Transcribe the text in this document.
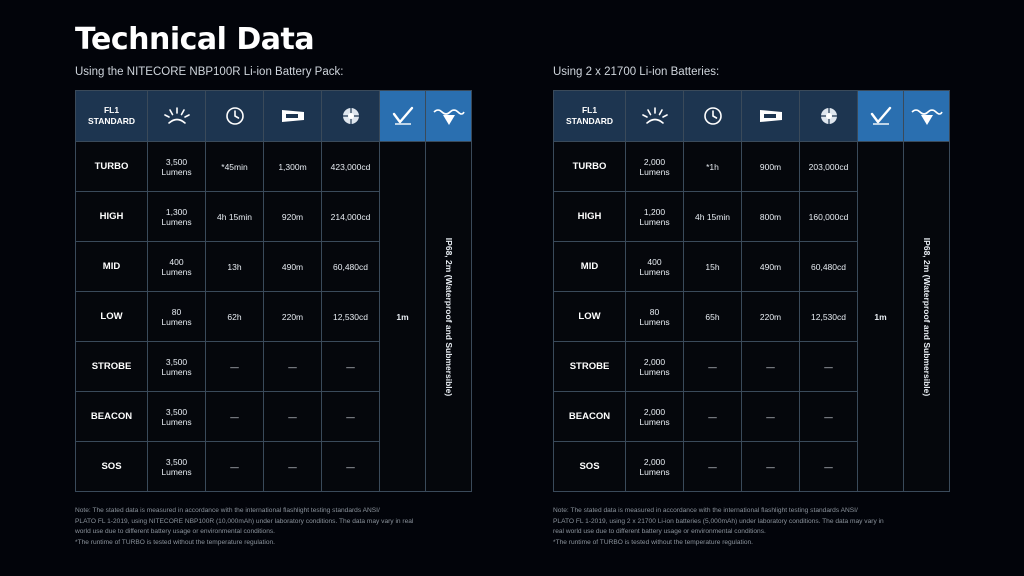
Technical Data
Using the NITECORE NBP100R Li-ion Battery Pack:	Using 2 x 21700 Li-ion Batteries:
FL1
STANDARD	

TURBO	3,500
Lumens	*45min	1,300m	423,000cd	1m	IP68, 2m (Waterproof and Submersible)

HIGH	1,300
Lumens	4h 15min	920m	214,000cd		
MID	400
Lumens	13h	490m	60,480cd		
LOW	80
Lumens	62h	220m	12,530cd		
STROBE	3,500
Lumens	—	—	—		
BEACON	3,500
Lumens	—	—	—		
SOS	3,500
Lumens	—	—	—		
FL1
STANDARD	

TURBO	2,000
Lumens	*1h	900m	203,000cd	1m	IP68, 2m (Waterproof and Submersible)

HIGH	1,200
Lumens	4h 15min	800m	160,000cd		
MID	400
Lumens	15h	490m	60,480cd		
LOW	80
Lumens	65h	220m	12,530cd		
STROBE	2,000
Lumens	—	—	—		
BEACON	2,000
Lumens	—	—	—		
SOS	2,000
Lumens	—	—	—		
Note: The stated data is measured in accordance with the international flashlight testing standards ANSI/
PLATO FL 1-2019, using NITECORE NBP100R (10,000mAh) under laboratory conditions. The data may vary in real
world use due to different battery usage or environmental conditions.
*The runtime of TURBO is tested without the temperature regulation.
Note: The stated data is measured in accordance with the international flashlight testing standards ANSI/
PLATO FL 1-2019, using 2 x 21700 Li-ion batteries (5,000mAh) under laboratory conditions. The data may vary in
real world use due to different battery usage or environmental conditions.
*The runtime of TURBO is tested without the temperature regulation.
